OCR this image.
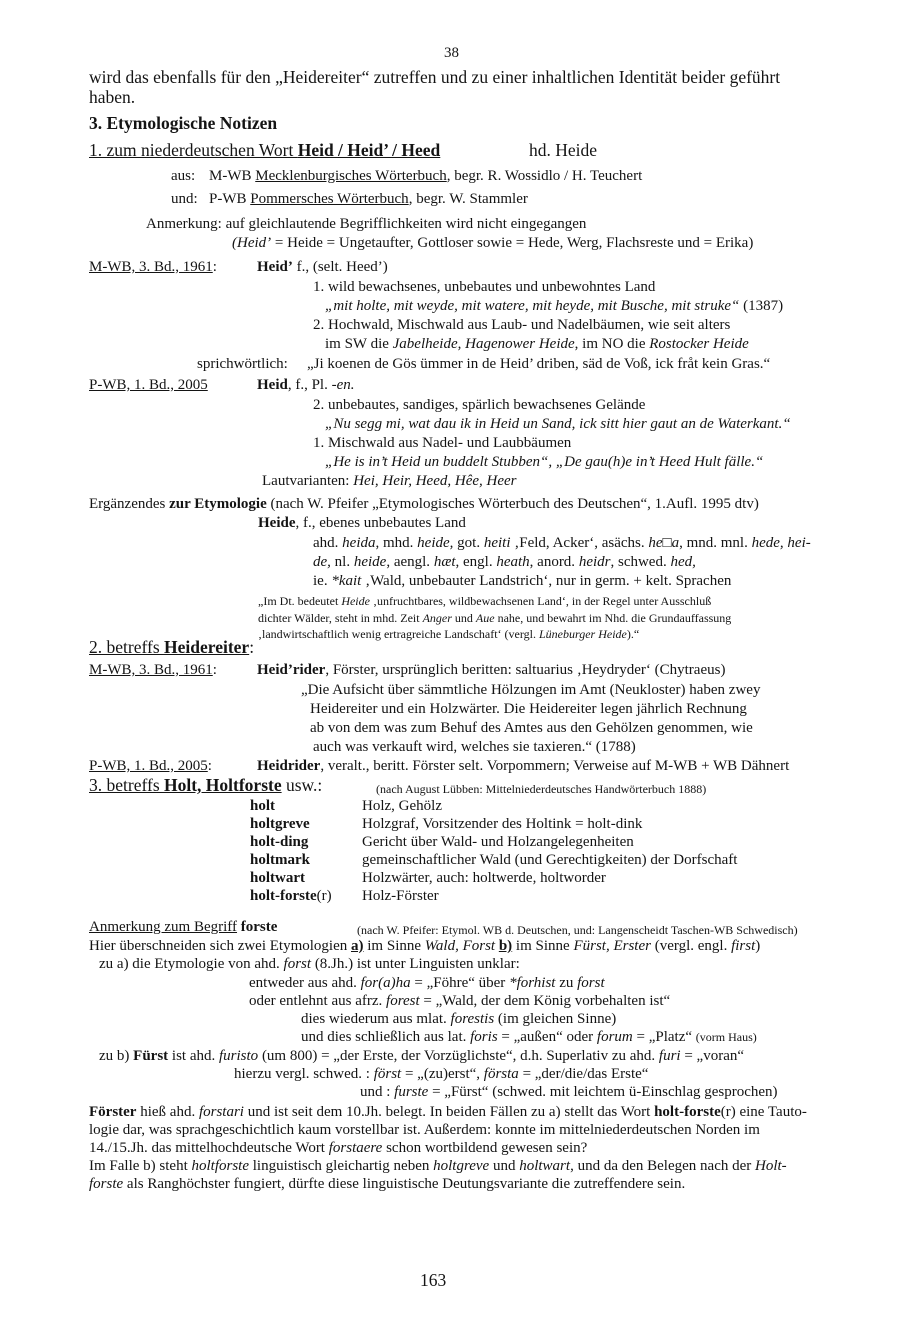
38
wird das ebenfalls für den „Heidereiter“ zutreffen und zu einer inhaltlichen Identität beider geführt
haben.
3. Etymologische Notizen
1. zum niederdeutschen Wort Heid / Heid’ / Heed	hd. Heide
aus: M-WB Mecklenburgisches Wörterbuch, begr. R. Wossidlo / H. Teuchert
und: P-WB Pommersches Wörterbuch, begr. W. Stammler
Anmerkung: auf gleichlautende Begrifflichkeiten wird nicht eingegangen
(Heid’ = Heide = Ungetaufter, Gottloser sowie = Hede, Werg, Flachsreste und = Erika)
M-WB, 3. Bd., 1961:	Heid’ f., (selt. Heed’)
1. wild bewachsenes, unbebautes und unbewohntes Land
„mit holte, mit weyde, mit watere, mit heyde, mit Busche, mit struke“ (1387)
2. Hochwald, Mischwald aus Laub- und Nadelbäumen, wie seit alters
im SW die Jabelheide, Hagenower Heide, im NO die Rostocker Heide
sprichwörtlich: „Ji koenen de Gös ümmer in de Heid’ driben, säd de Voß, ick fråt kein Gras.“
P-WB, 1. Bd., 2005	Heid, f., Pl. -en.
2. unbebautes, sandiges, spärlich bewachsenes Gelände
„Nu segg mi, wat dau ik in Heid un Sand, ick sitt hier gaut an de Waterkant.“
1. Mischwald aus Nadel- und Laubbäumen
„He is in’t Heid un buddelt Stubben“, „De gau(h)e in’t Heed Hult fälle.“
Lautvarianten: Hei, Heir, Heed, Hêe, Heer
Ergänzendes zur Etymologie (nach W. Pfeifer „Etymologisches Wörterbuch des Deutschen“, 1.Aufl. 1995 dtv)
Heide, f., ebenes unbebautes Land
ahd. heida, mhd. heide, got. heiti ‚Feld, Acker‘, asächs. he□a, mnd. mnl. hede, hei-
de, nl. heide, aengl. hæt, engl. heath, anord. heidr, schwed. hed,
ie. *kait ‚Wald, unbebauter Landstrich‘, nur in germ. + kelt. Sprachen
„Im Dt. bedeutet Heide ‚unfruchtbares, wildbewachsenen Land‘, in der Regel unter Ausschluß
dichter Wälder, steht in mhd. Zeit Anger und Aue nahe, und bewahrt im Nhd. die Grundauffassung
‚landwirtschaftlich wenig ertragreiche Landschaft‘ (vergl. Lüneburger Heide).“
2. betreffs Heidereiter:
M-WB, 3. Bd., 1961:	Heid’rider, Förster, ursprünglich beritten: saltuarius ‚Heydryder‘ (Chytraeus)
„Die Aufsicht über sämmtliche Hölzungen im Amt (Neukloster) haben zwey
Heidereiter und ein Holzwärter. Die Heidereiter legen jährlich Rechnung
ab von dem was zum Behuf des Amtes aus den Gehölzen genommen, wie
auch was verkauft wird, welches sie taxieren.“ (1788)
P-WB, 1. Bd., 2005:	Heidrider, veralt., beritt. Förster selt. Vorpommern; Verweise auf M-WB + WB Dähnert
3. betreffs Holt, Holtforste usw.:	(nach August Lübben: Mittelniederdeutsches Handwörterbuch 1888)
holt	Holz, Gehölz
holtgreve	Holzgraf, Vorsitzender des Holtink = holt-dink
holt-ding	Gericht über Wald- und Holzangelegenheiten
holtmark	gemeinschaftlicher Wald (und Gerechtigkeiten) der Dorfschaft
holtwart	Holzwärter, auch: holtwerde, holtworder
holt-forste(r) Holz-Förster
Anmerkung zum Begriff forste	(nach W. Pfeifer: Etymol. WB d. Deutschen, und: Langenscheidt Taschen-WB Schwedisch)
Hier überschneiden sich zwei Etymologien a) im Sinne Wald, Forst b) im Sinne Fürst, Erster (vergl. engl. first)
zu a) die Etymologie von ahd. forst (8.Jh.) ist unter Linguisten unklar:
entweder aus ahd. for(a)ha = „Föhre“ über *forhist zu forst
oder entlehnt aus afrz. forest = „Wald, der dem König vorbehalten ist“
dies wiederum aus mlat. forestis (im gleichen Sinne)
und dies schließlich aus lat. foris = „außen“ oder forum = „Platz“ (vorm Haus)
zu b) Fürst ist ahd. furisto (um 800) = „der Erste, der Vorzüglichste“, d.h. Superlativ zu ahd. furi = „voran“
hierzu vergl. schwed. : först = „(zu)erst“, första = „der/die/das Erste“
und : furste = „Fürst“ (schwed. mit leichtem ü-Einschlag gesprochen)
Förster hieß ahd. forstari und ist seit dem 10.Jh. belegt. In beiden Fällen zu a) stellt das Wort holt-forste(r) eine Tauto-
logie dar, was sprachgeschichtlich kaum vorstellbar ist. Außerdem: konnte im mittelniederdeutschen Norden im
14./15.Jh. das mittelhochdeutsche Wort forstaere schon wortbildend gewesen sein?
Im Falle b) steht holtforste linguistisch gleichartig neben holtgreve und holtwart, und da den Belegen nach der Holt-
forste als Ranghöchster fungiert, dürfte diese linguistische Deutungsvariante die zutreffendere sein.
163
